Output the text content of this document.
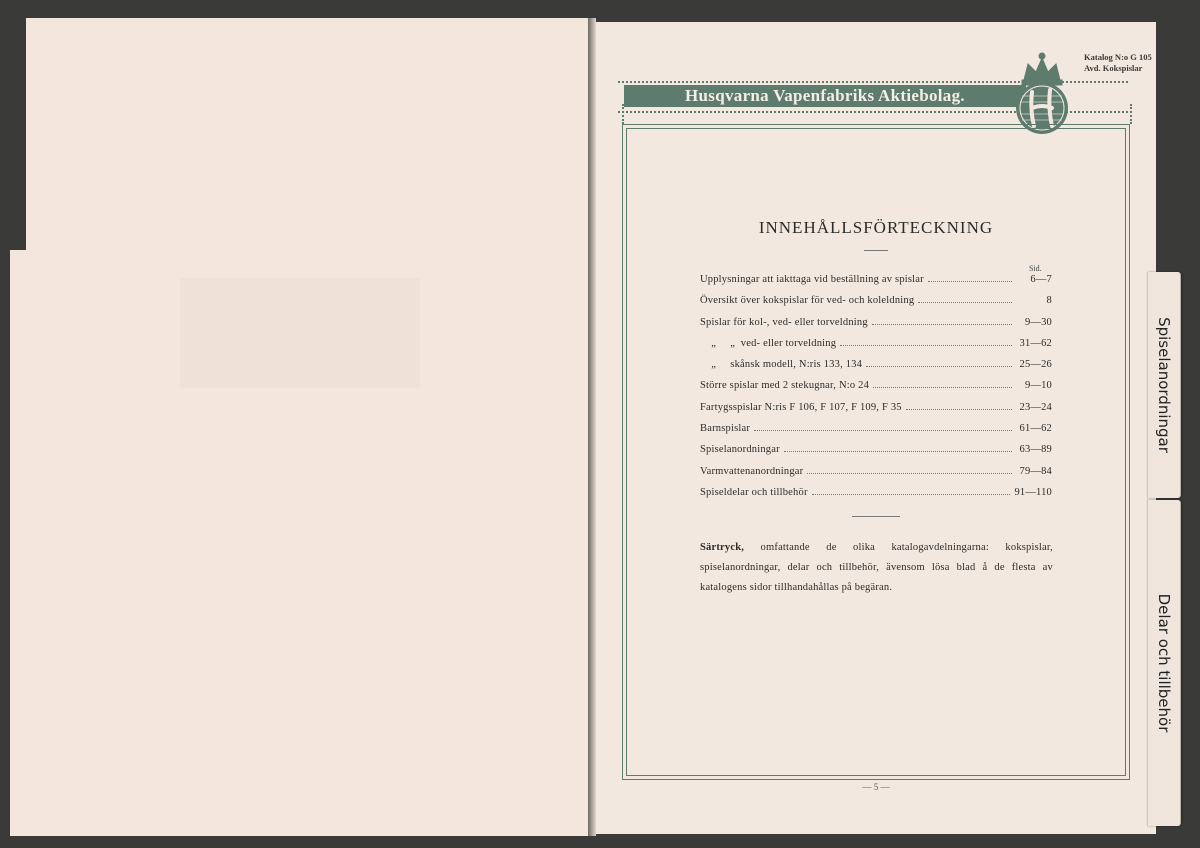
Katalog N:o G 105
Avd. Kokspislar
Husqvarna Vapenfabriks Aktiebolag.
INNEHÅLLSFÖRTECKNING
Sid.
Upplysningar att iakttaga vid beställning av spislar	6—7
Översikt över kokspislar för ved- och koleldning	8
Spislar för kol-, ved- eller torveldning	9—30
„     „  ved- eller torveldning	31—62
„     skånsk modell, N:ris 133, 134	25—26
Större spislar med 2 stekugnar, N:o 24	9—10
Fartygsspislar N:ris F 106, F 107, F 109, F 35	23—24
Barnspislar	61—62
Spiselanordningar	63—89
Varmvattenanordningar	79—84
Spiseldelar och tillbehör	91—110
Särtryck, omfattande de olika katalogavdelningarna: kokspislar, spiselanordningar, delar och tillbehör, ävensom lösa blad å de flesta av katalogens sidor tillhandahållas på begäran.
— 5 —
Spiselanordningar
Delar och tillbehör
